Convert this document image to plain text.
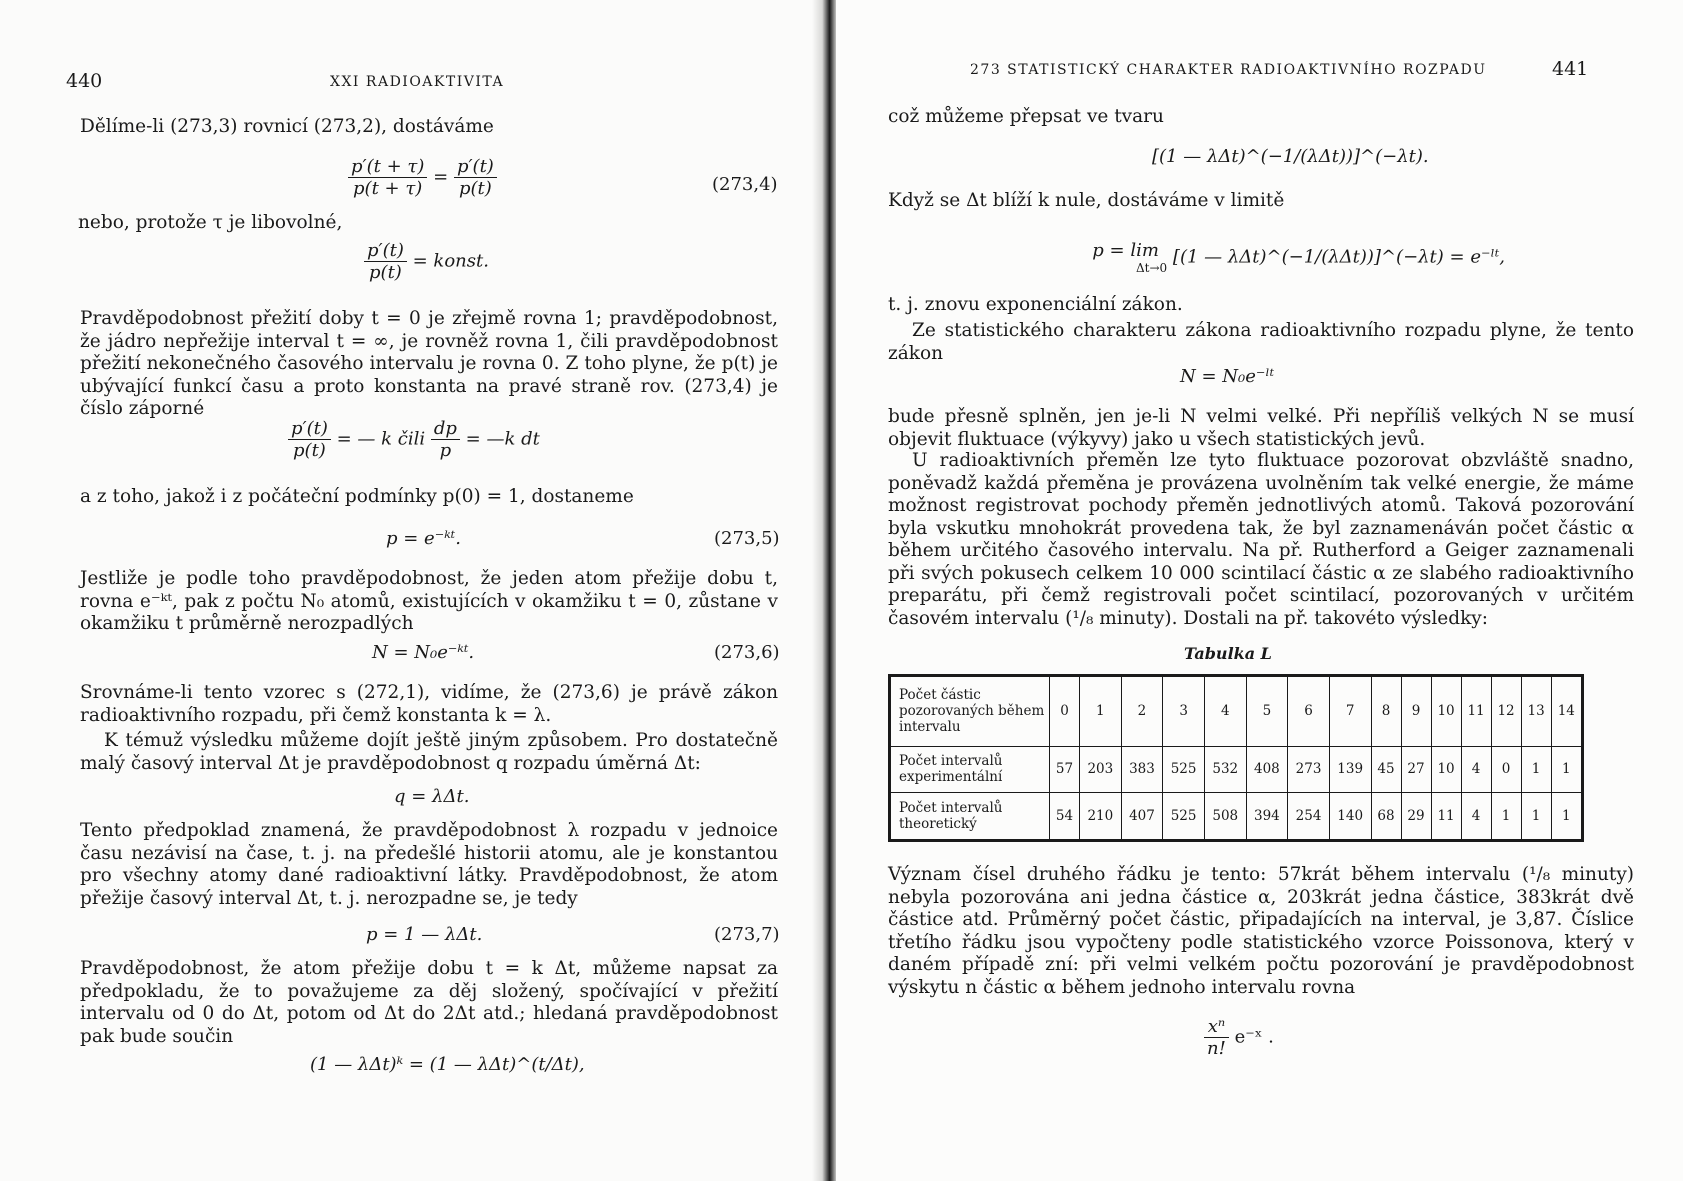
440	XXI RADIOAKTIVITA

Dělíme-li (273,3) rovnicí (273,2), dostáváme

$\frac{p'(t + \tau)}{p(t + \tau)} = \frac{p'(t)}{p(t)}$	(273,4)

nebo, protože τ je libovolné,

$\frac{p'(t)}{p(t)}$ = konst.

Pravděpodobnost přežití doby t = 0 je zřejmě rovna 1; pravděpodobnost, že jádro nepřežije interval t = ∞, je rovněž rovna 1, čili pravděpodobnost přežití nekonečného časového intervalu je rovna 0. Z toho plyne, že p(t) je ubývající funkcí času a proto konstanta na pravé straně rov. (273,4) je číslo záporné

$\frac{p'(t)}{p(t)}$ = — k čili $\frac{dp}{p}$ = —k dt

a z toho, jakož i z počáteční podmínky p(0) = 1, dostaneme

p = e⁻ᵏᵗ.	(273,5)

Jestliže je podle toho pravděpodobnost, že jeden atom přežije dobu t, rovna e⁻ᵏᵗ, pak z počtu N₀ atomů, existujících v okamžiku t = 0, zůstane v okamžiku t průměrně nerozpadlých

N = N₀e⁻ᵏᵗ.	(273,6)

Srovnáme-li tento vzorec s (272,1), vidíme, že (273,6) je právě zákon radioaktivního rozpadu, při čemž konstanta k = λ.

K témuž výsledku můžeme dojít ještě jiným způsobem. Pro dostatečně malý časový interval Δt je pravděpodobnost q rozpadu úměrná Δt:

q = λΔt.

Tento předpoklad znamená, že pravděpodobnost λ rozpadu v jednoice času nezávisí na čase, t. j. na předešlé historii atomu, ale je konstantou pro všechny atomy dané radioaktivní látky. Pravděpodobnost, že atom přežije časový interval Δt, t. j. nerozpadne se, je tedy

p = 1 — λΔt.	(273,7)

Pravděpodobnost, že atom přežije dobu t = k Δt, můžeme napsat za předpokladu, že to považujeme za děj složený, spočívající v přežití intervalu od 0 do Δt, potom od Δt do 2Δt atd.; hledaná pravděpodobnost pak bude součin

(1 — λΔt)ᵏ = (1 — λΔt)^(t/Δt),
273 STATISTICKÝ CHARAKTER RADIOAKTIVNÍHO ROZPADU	441

což můžeme přepsat ve tvaru

[(1 — λΔt)^(−1/(λΔt))]^(−λt).

Když se Δt blíží k nule, dostáváme v limitě

p = lim
Δt→0
[(1 — λΔt)^(−1/(λΔt))]^(−λt) = e⁻ˡᵗ,

t. j. znovu exponenciální zákon.

Ze statistického charakteru zákona radioaktivního rozpadu plyne, že tento zákon

N = N₀e⁻ˡᵗ

bude přesně splněn, jen je-li N velmi velké. Při nepříliš velkých N se musí objevit fluktuace (výkyvy) jako u všech statistických jevů.

U radioaktivních přeměn lze tyto fluktuace pozorovat obzvláště snadno, poněvadž každá přeměna je provázena uvolněním tak velké energie, že máme možnost registrovat pochody přeměn jednotlivých atomů. Taková pozorování byla vskutku mnohokrát provedena tak, že byl zaznamenáván počet částic α během určitého časového intervalu. Na př. Rutherford a Geiger zaznamenali při svých pokusech celkem 10 000 scintilací částic α ze slabého radioaktivního preparátu, při čemž registrovali počet scintilací, pozorovaných v určitém časovém intervalu (¹/₈ minuty). Dostali na př. takovéto výsledky:

Tabulka L

Význam čísel druhého řádku je tento: 57krát během intervalu (¹/₈ minuty) nebyla pozorována ani jedna částice α, 203krát jedna částice, 383krát dvě částice atd. Průměrný počet částic, připadajících na interval, je 3,87. Číslice třetího řádku jsou vypočteny podle statistického vzorce Poissonova, který v daném případě zní: při velmi velkém počtu pozorování je pravděpodobnost výskytu n částic α během jednoho intervalu rovna

$\frac{\text{xⁿ}}{n!}$ e⁻ˣ .
Počet částic pozorovaných během intervalu	0	1	2	3	4	5	6	7	8	9	10	11	12	13	14
Počet intervalů experimentální	57	203	383	525	532	408	273	139	45	27	10	4	0	1	1
Počet intervalů theoretický	54	210	407	525	508	394	254	140	68	29	11	4	1	1	1
